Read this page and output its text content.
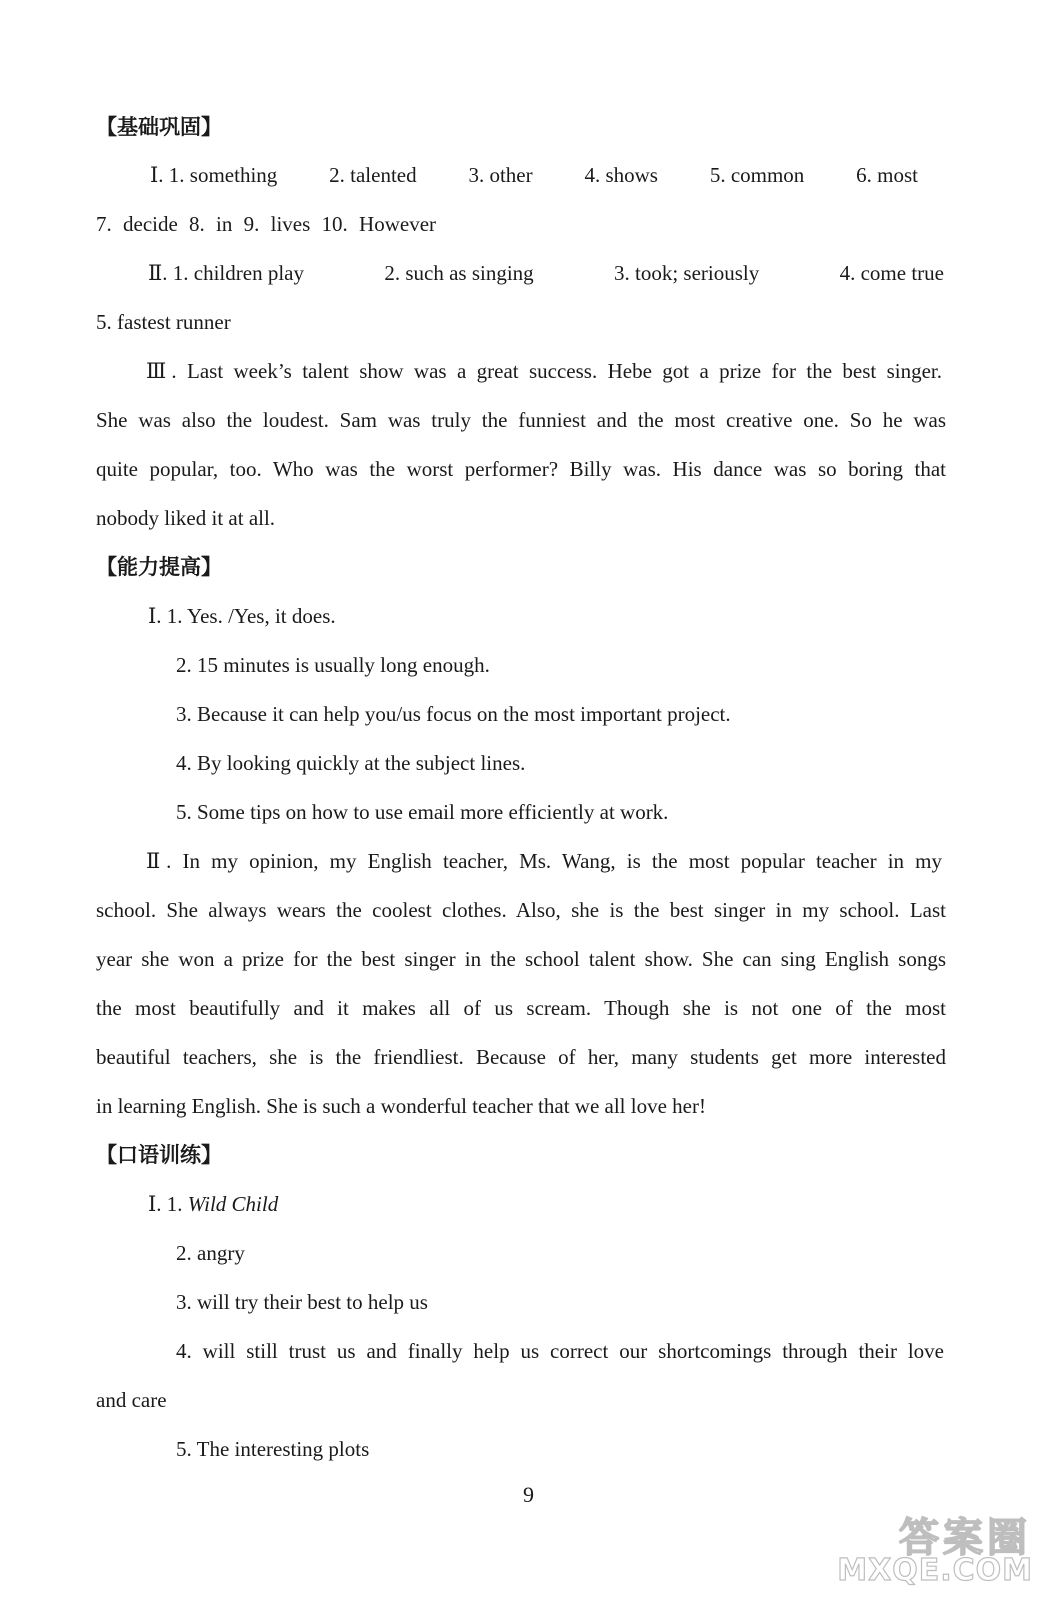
【基础巩固】
Ⅰ. 1. something 2. talented 3. other 4. shows 5. common 6. most
7. decide 8. in 9. lives 10. However
Ⅱ. 1. children play	2. such as singing	3. took; seriously	4. come true
5. fastest runner
Ⅲ. Last week’s talent show was a great success. Hebe got a prize for the best singer.
She was also the loudest. Sam was truly the funniest and the most creative one. So he was
quite popular, too. Who was the worst performer? Billy was. His dance was so boring that
nobody liked it at all.
【能力提高】
Ⅰ. 1. Yes. /Yes, it does.
2. 15 minutes is usually long enough.
3. Because it can help you/us focus on the most important project.
4. By looking quickly at the subject lines.
5. Some tips on how to use email more efficiently at work.
Ⅱ. In my opinion, my English teacher, Ms. Wang, is the most popular teacher in my
school. She always wears the coolest clothes. Also, she is the best singer in my school. Last
year she won a prize for the best singer in the school talent show. She can sing English songs
the most beautifully and it makes all of us scream. Though she is not one of the most
beautiful teachers, she is the friendliest. Because of her, many students get more interested
in learning English. She is such a wonderful teacher that we all love her!
【口语训练】
Ⅰ. 1. Wild Child
2. angry
3. will try their best to help us
4. will still trust us and finally help us correct our shortcomings through their love
and care
5. The interesting plots
9
答案圈
MXQE.COM
